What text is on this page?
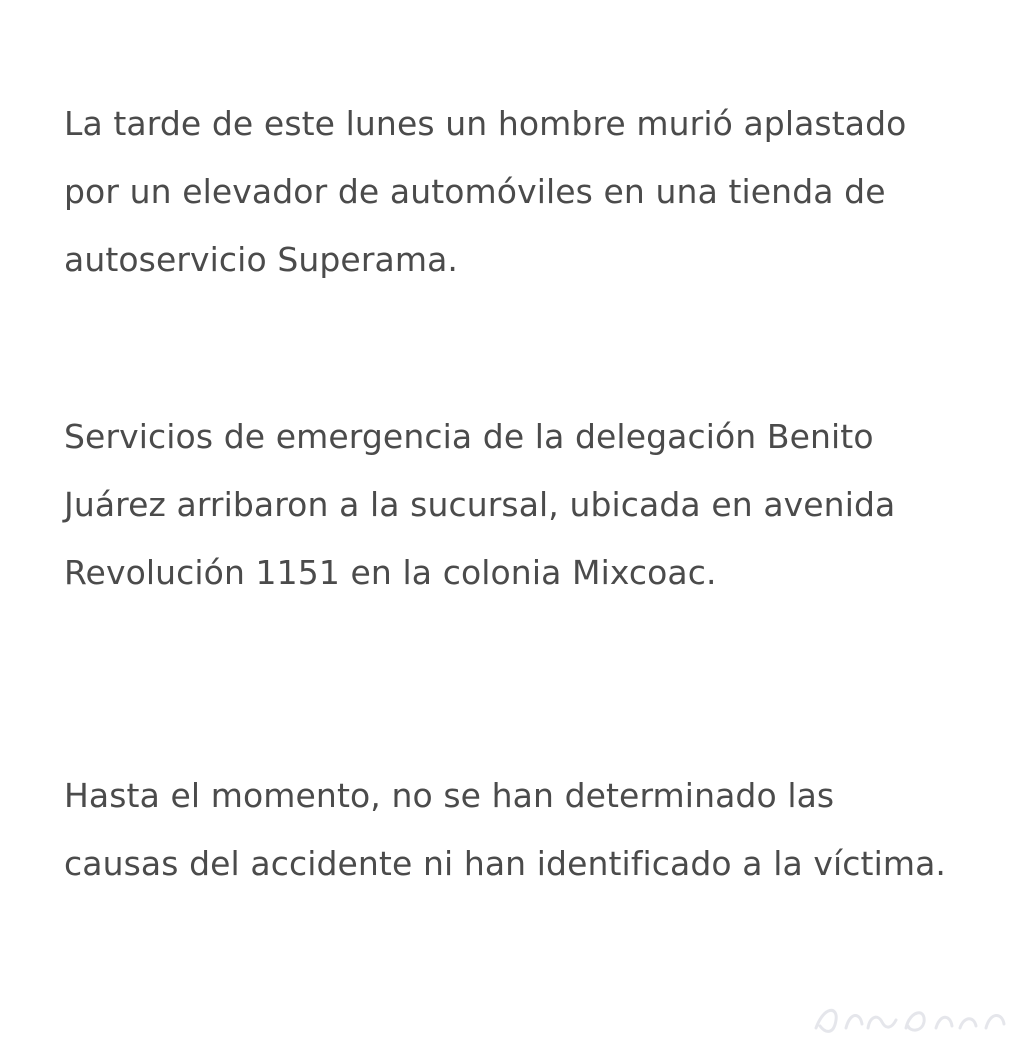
La tarde de este lunes un hombre murió aplastado
por un elevador de automóviles en una tienda de
autoservicio Superama.

Servicios de emergencia de la delegación Benito
Juárez arribaron a la sucursal, ubicada en avenida
Revolución 1151 en la colonia Mixcoac.

Hasta el momento, no se han determinado las
causas del accidente ni han identificado a la víctima.
